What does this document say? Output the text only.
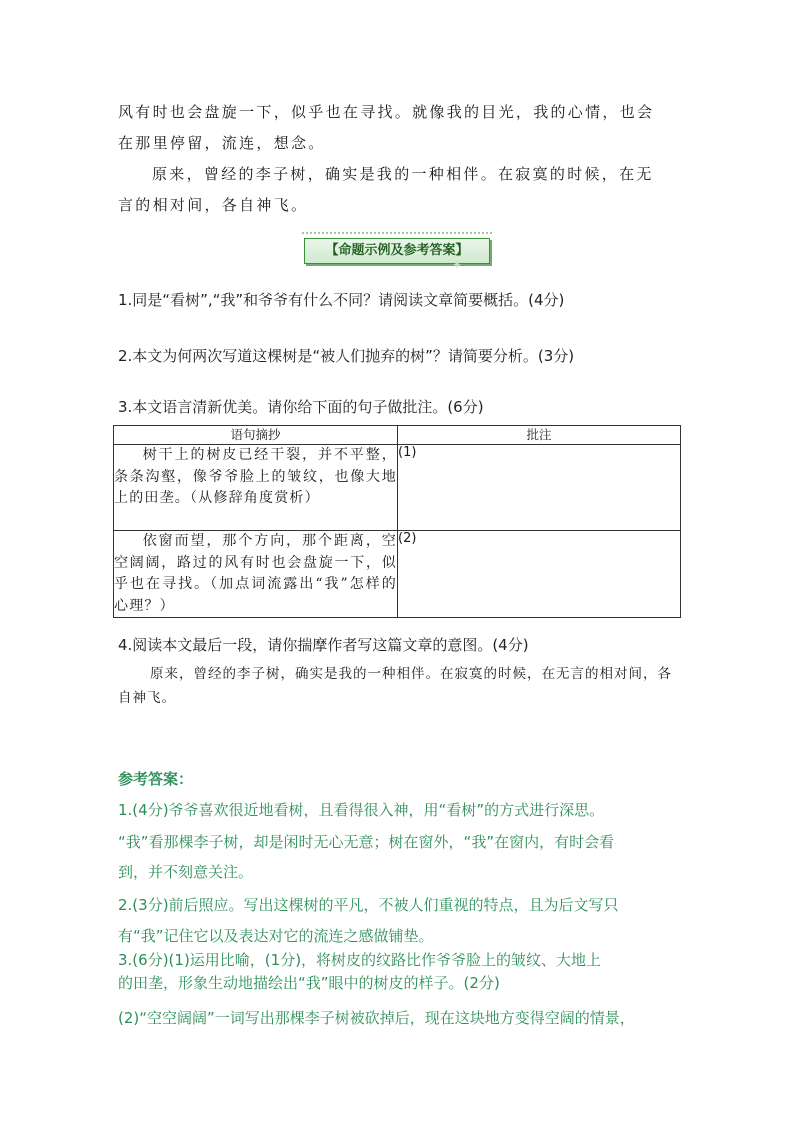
风有时也会盘旋一下，似乎也在寻找。就像我的目光，我的心情，也会
在那里停留，流连，想念。
原来，曾经的李子树，确实是我的一种相伴。在寂寞的时候，在无
言的相对间，各自神飞。
【命题示例及参考答案】
✦
1.同是“看树”,“我”和爷爷有什么不同？请阅读文章简要概括。(4分)
2.本文为何两次写道这棵树是“被人们抛弃的树”？请简要分析。(3分)
3.本文语言清新优美。请你给下面的句子做批注。(6分)
语句摘抄	批注
树干上的树皮已经干裂，并不平整，条条沟壑，像爷爷脸上的皱纹，也像大地上的田垄。（从修辞角度赏析）	(1)
依窗而望，那个方向，那个距离，空空阔阔，路过的风有时也会盘旋一下，似乎也在寻找。（加点词流露出“我”怎样的心理？）	(2)
4.阅读本文最后一段，请你揣摩作者写这篇文章的意图。(4分)
原来，曾经的李子树，确实是我的一种相伴。在寂寞的时候，在无言的相对间，各自神飞。
参考答案：
1.(4分)爷爷喜欢很近地看树，且看得很入神，用“看树”的方式进行深思。
“我”看那棵李子树，却是闲时无心无意；树在窗外，“我”在窗内，有时会看
到，并不刻意关注。
2.(3分)前后照应。写出这棵树的平凡，不被人们重视的特点，且为后文写只
有“我”记住它以及表达对它的流连之感做铺垫。
3.(6分)(1)运用比喻，(1分)，将树皮的纹路比作爷爷脸上的皱纹、大地上
的田垄，形象生动地描绘出“我”眼中的树皮的样子。(2分)
(2)“空空阔阔”一词写出那棵李子树被砍掉后，现在这块地方变得空阔的情景，
